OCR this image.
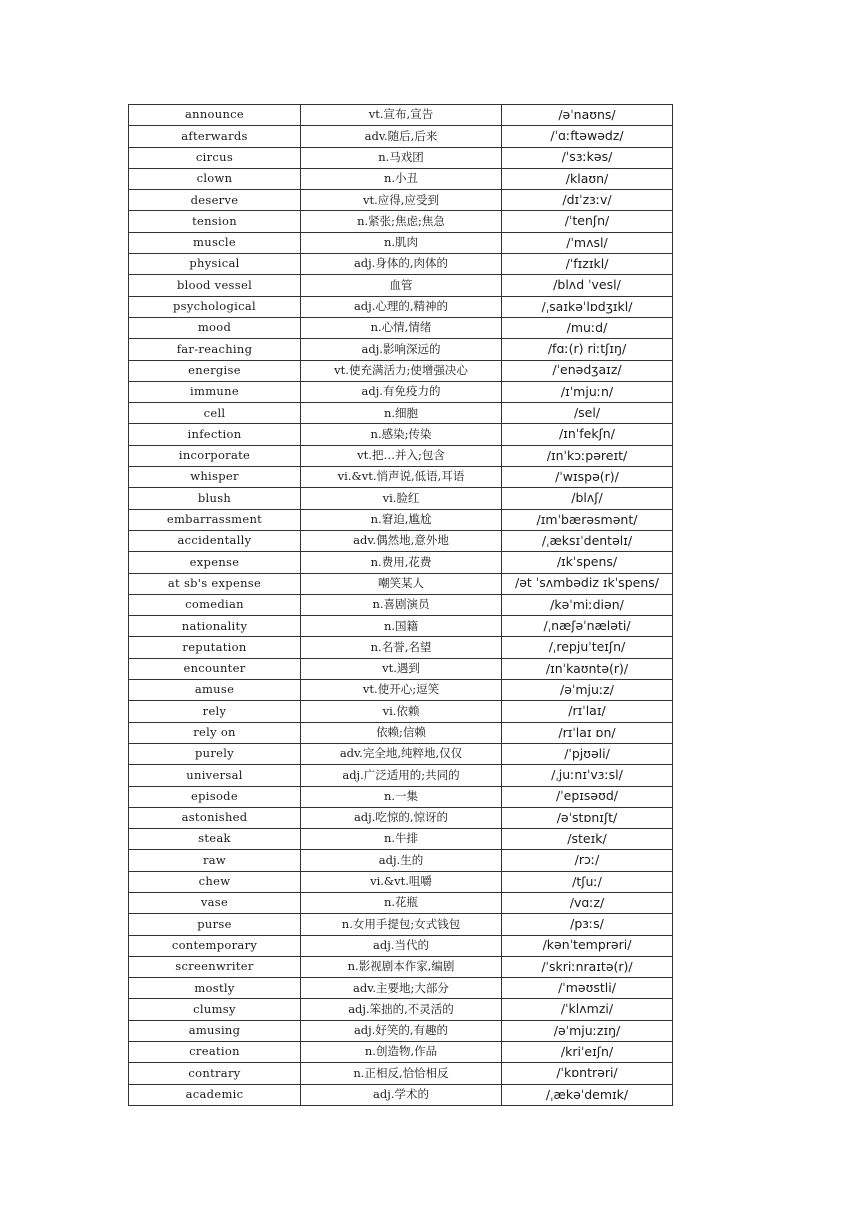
announce	vt.宣布,宣告	/əˈnaʊns/
afterwards	adv.随后,后来	/ˈɑːftəwədz/
circus	n.马戏团	/ˈsɜːkəs/
clown	n.小丑	/klaʊn/
deserve	vt.应得,应受到	/dɪˈzɜːv/
tension	n.紧张;焦虑;焦急	/ˈtenʃn/
muscle	n.肌肉	/ˈmʌsl/
physical	adj.身体的,肉体的	/ˈfɪzɪkl/
blood vessel	血管	/blʌd ˈvesl/
psychological	adj.心理的,精神的	/ˌsaɪkəˈlɒdʒɪkl/
mood	n.心情,情绪	/muːd/
far-reaching	adj.影响深远的	/fɑː(r) riːtʃɪŋ/
energise	vt.使充满活力;使增强决心	/ˈenədʒaɪz/
immune	adj.有免疫力的	/ɪˈmjuːn/
cell	n.细胞	/sel/
infection	n.感染;传染	/ɪnˈfekʃn/
incorporate	vt.把…并入;包含	/ɪnˈkɔːpəreɪt/
whisper	vi.&vt.悄声说,低语,耳语	/ˈwɪspə(r)/
blush	vi.脸红	/blʌʃ/
embarrassment	n.窘迫,尴尬	/ɪmˈbærəsmənt/
accidentally	adv.偶然地,意外地	/ˌæksɪˈdentəlɪ/
expense	n.费用,花费	/ɪkˈspens/
at sb's expense	嘲笑某人	/ət ˈsʌmbədiz ɪkˈspens/
comedian	n.喜剧演员	/kəˈmiːdiən/
nationality	n.国籍	/ˌnæʃəˈnæləti/
reputation	n.名誉,名望	/ˌrepjuˈteɪʃn/
encounter	vt.遇到	/ɪnˈkaʊntə(r)/
amuse	vt.使开心;逗笑	/əˈmjuːz/
rely	vi.依赖	/rɪˈlaɪ/
rely on	依赖;信赖	/rɪˈlaɪ ɒn/
purely	adv.完全地,纯粹地,仅仅	/ˈpjʊəli/
universal	adj.广泛适用的;共同的	/ˌjuːnɪˈvɜːsl/
episode	n.一集	/ˈepɪsəʊd/
astonished	adj.吃惊的,惊讶的	/əˈstɒnɪʃt/
steak	n.牛排	/steɪk/
raw	adj.生的	/rɔː/
chew	vi.&vt.咀嚼	/tʃuː/
vase	n.花瓶	/vɑːz/
purse	n.女用手提包;女式钱包	/pɜːs/
contemporary	adj.当代的	/kənˈtemprəri/
screenwriter	n.影视剧本作家,编剧	/ˈskriːnraɪtə(r)/
mostly	adv.主要地;大部分	/ˈməʊstli/
clumsy	adj.笨拙的,不灵活的	/ˈklʌmzi/
amusing	adj.好笑的,有趣的	/əˈmjuːzɪŋ/
creation	n.创造物,作品	/kriˈeɪʃn/
contrary	n.正相反,恰恰相反	/ˈkɒntrəri/
academic	adj.学术的	/ˌækəˈdemɪk/
